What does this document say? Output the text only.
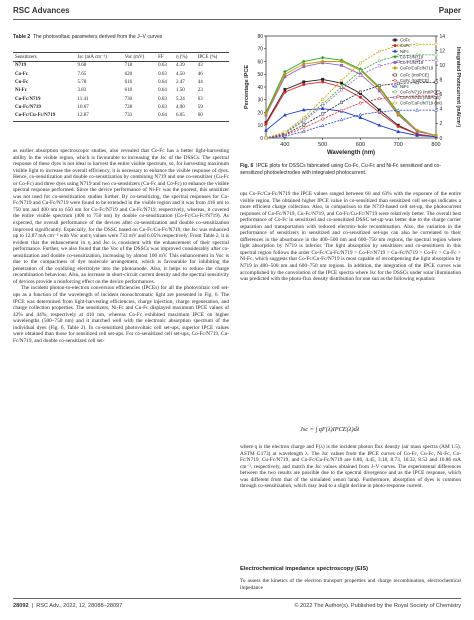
RSC Advances	Paper
Table 2 The photovoltaic parameters derived from the J–V curves
Sensitizers	Jsc (mA cm⁻²)	Voc (mV)	FF	η (%)	IPCE (%)
N719	9.68	718	0.63	4.39	43
Co-Fc	7.65	620	0.63	4.50	46
Cu-Fc	5.78	616	0.64	2.47	44
Ni-Fc	3.83	610	0.64	1.50	23
Co-Fc/N719	11.41	730	0.63	5.24	63
Cu-Fc/N719	10.67	728	0.63	4.90	59
Co-Fc/Cu-Fc/N719	12.87	733	0.64	6.05	60

as earlier absorption spectroscopic studies, also revealed that Co-Fc has a better light-harvesting ability in the visible region, which is favourable to increasing the Jsc of the DSSCs. The spectral response of these dyes is not ideal to harvest the entire visible spectrum, so, for harvesting maximum visible light to increase the overall efficiency, it is necessary to enhance the visible response of dyes. Hence, co-sensitization and double co-sensitization by combining N719 and one co-sensitizer (Cu-Fc or Co-Fc) and three dyes using N719 and two co-sensitizers (Cu-Fc and Co-Fc) to enhance the visible spectral response performed. Since the device performance of Ni-Fc was the poorest, this sensitizer was not used for co-sensitization studies further. By co-sensitizing, the spectral responses for Co-Fc/N719 and Cu-Fc/N719 were found to be extended in the visible region and it was from 416 nm to 750 nm and 400 nm to 650 nm for Co-Fc/N719 and Cu-Fc/N719, respectively, whereas, it covered the entire visible spectrum (400 to 750 nm) by double co-sensitization (Co-Fc/Cu-Fc/N719). As expected, the overall performance of the devices after co-sensitization and double co-sensitization improved significantly. Especially, for the DSSC based on Co-Fc/Cu-Fc/N719, the Jsc was enhanced up to 12.87 mA cm⁻² with Voc and η values were 733 mV and 6.05% respectively. From Table 2, it is evident that the enhancement in η and Jsc is consistent with the enhancement of their spectral performance. Further, we also found that the Voc of the DSSCs was improved considerably after co-sensitization and double co-sensitization, increasing by almost 100 mV. This enhancement in Voc is due to the compactness of dye molecule arrangement, which is favourable for inhibiting the penetration of the oxidizing electrolyte into the photoanode. Also, it helps to reduce the charge recombination behaviour. Also, an increase in short-circuit current density and the spectral sensitivity of devices provide a reinforcing effect on the device performances.

The incident photon-to-electron conversion efficiencies (IPCEs) for all the photovoltaic cell set-ups as a function of the wavelength of incident monochromatic light are presented in Fig. 6. The IPCE was determined from light-harvesting efficiencies, charge injection, charge regeneration, and charge collection properties. The sensitizers, Ni-Fc and Cu-Fc displayed maximum IPCE values of 42% and 44%, respectively at 410 nm, whereas Co-Fc exhibited maximum IPCE on higher wavelengths (500–750 nm) and it matched well with the electronic absorption spectrum of the individual dyes (Fig. 6, Table 2). In co-sensitized photovoltaic cell set-ups, superior IPCE values were obtained than those for sensitized cell set-ups. For co-sensitized cell set-ups, Co-Fc/N719, Cu-Fc/N719, and double co-sensitized cell set-

400	500	600	700	800
0
10
20
30
40
50
60
70
80
0
2
4
6
8
10
12
14
Wavelength (nm)
Percentage IPCE	Integrated Photocurrent (mA/cm²)
CoFc
CuFc
NiFc
Co-Fc/N719
Cu-Fc/N719
CoFc/CuFc/N719
CoFc (IntIPCE)
CuFc (IntIPCE)
NiFc
CoFc/N719 (IntIPCE)
CuFc/N719 (IntIPCE)
CoFc/CuFc/N719 (Int)
Fig. 6 IPCE plots for DSSCs fabricated using Co-Fc, Cu-Fc and Ni-Fc sensitized and co-sensitized photoelectrodes with integrated photocurrent.

ups Co-Fc/Cu-Fc/N719 the IPCE values ranged between 60 and 63% with the exposure of the entire visible region. The obtained higher IPCE value in co-sensitized than sensitized cell set-ups indicates a more efficient charge collection. Also, in comparison to the N719-based cell set-up, the photocurrent responses of Co-Fc/N719, Cu-Fc/N719, and Co-Fc/Cu-Fc/N719 were relatively better. The overall best performance of Co-Fc in sensitized and co-sensitized DSSC set-up was better due to the charge carrier separation and transportation with reduced electron–hole recombination. Also, the variation in the performance of sensitizers in sensitized and co-sensitized set-ups can also be correlated to their differences in the absorbance in the 400–500 nm and 600–750 nm regions, the spectral region where light absorption by N719 is inferior. The light absorption by sensitizers and co-sensitizers in this spectral region follows the order Co-Fc/Cu-Fc/N719 > Co-Fc/N719 > Cu-Fc/N719 > Co-Fc > Cu-Fc > Ni-Fc, which suggests that Co-Fc/Cu-Fc/N719 is most capable of recompensing the light absorption by N719 in 400–500 nm and 600–750 nm regions. In addition, the integration of the IPCE curves was accomplished by the convolution of the IPCE spectra where Jsc for the DSSCs under solar illumination was predicted with the photo-flux density distribution for one sun as the following equation:

Jsc = ∫ qF(λ)IPCE(λ)dλ

where q is the electron charge and F(λ) is the incident photon flux density (air mass spectra (AM 1.5), ASTM G173) at wavelength λ. The Jsc values from the IPCE curves of Co-Fc, Cu-Fc, Ni-Fc, Co-Fc/N719, Cu-Fc/N719, and Co-Fc/Cu-Fc/N719 are 6.86, 4.45, 3.18, 8.73, 10.32, 8.52 and 10.86 mA cm⁻², respectively, and match the Jsc values obtained from J–V curves. The experimental differences between the two results are possible due to the spectral divergence and as the IPCE response, which was different from that of the simulated xenon lamp. Furthermore, absorption of dyes is common through co-sensitization, which may lead to a slight decline in photo-response current.

Electrochemical impedance spectroscopy (EIS)

To assess the kinetics of the electron transport properties and charge recombination, electrochemical impedance

28092  |  RSC Adv., 2022, 12, 28088–28097	© 2022 The Author(s). Published by the Royal Society of Chemistry
